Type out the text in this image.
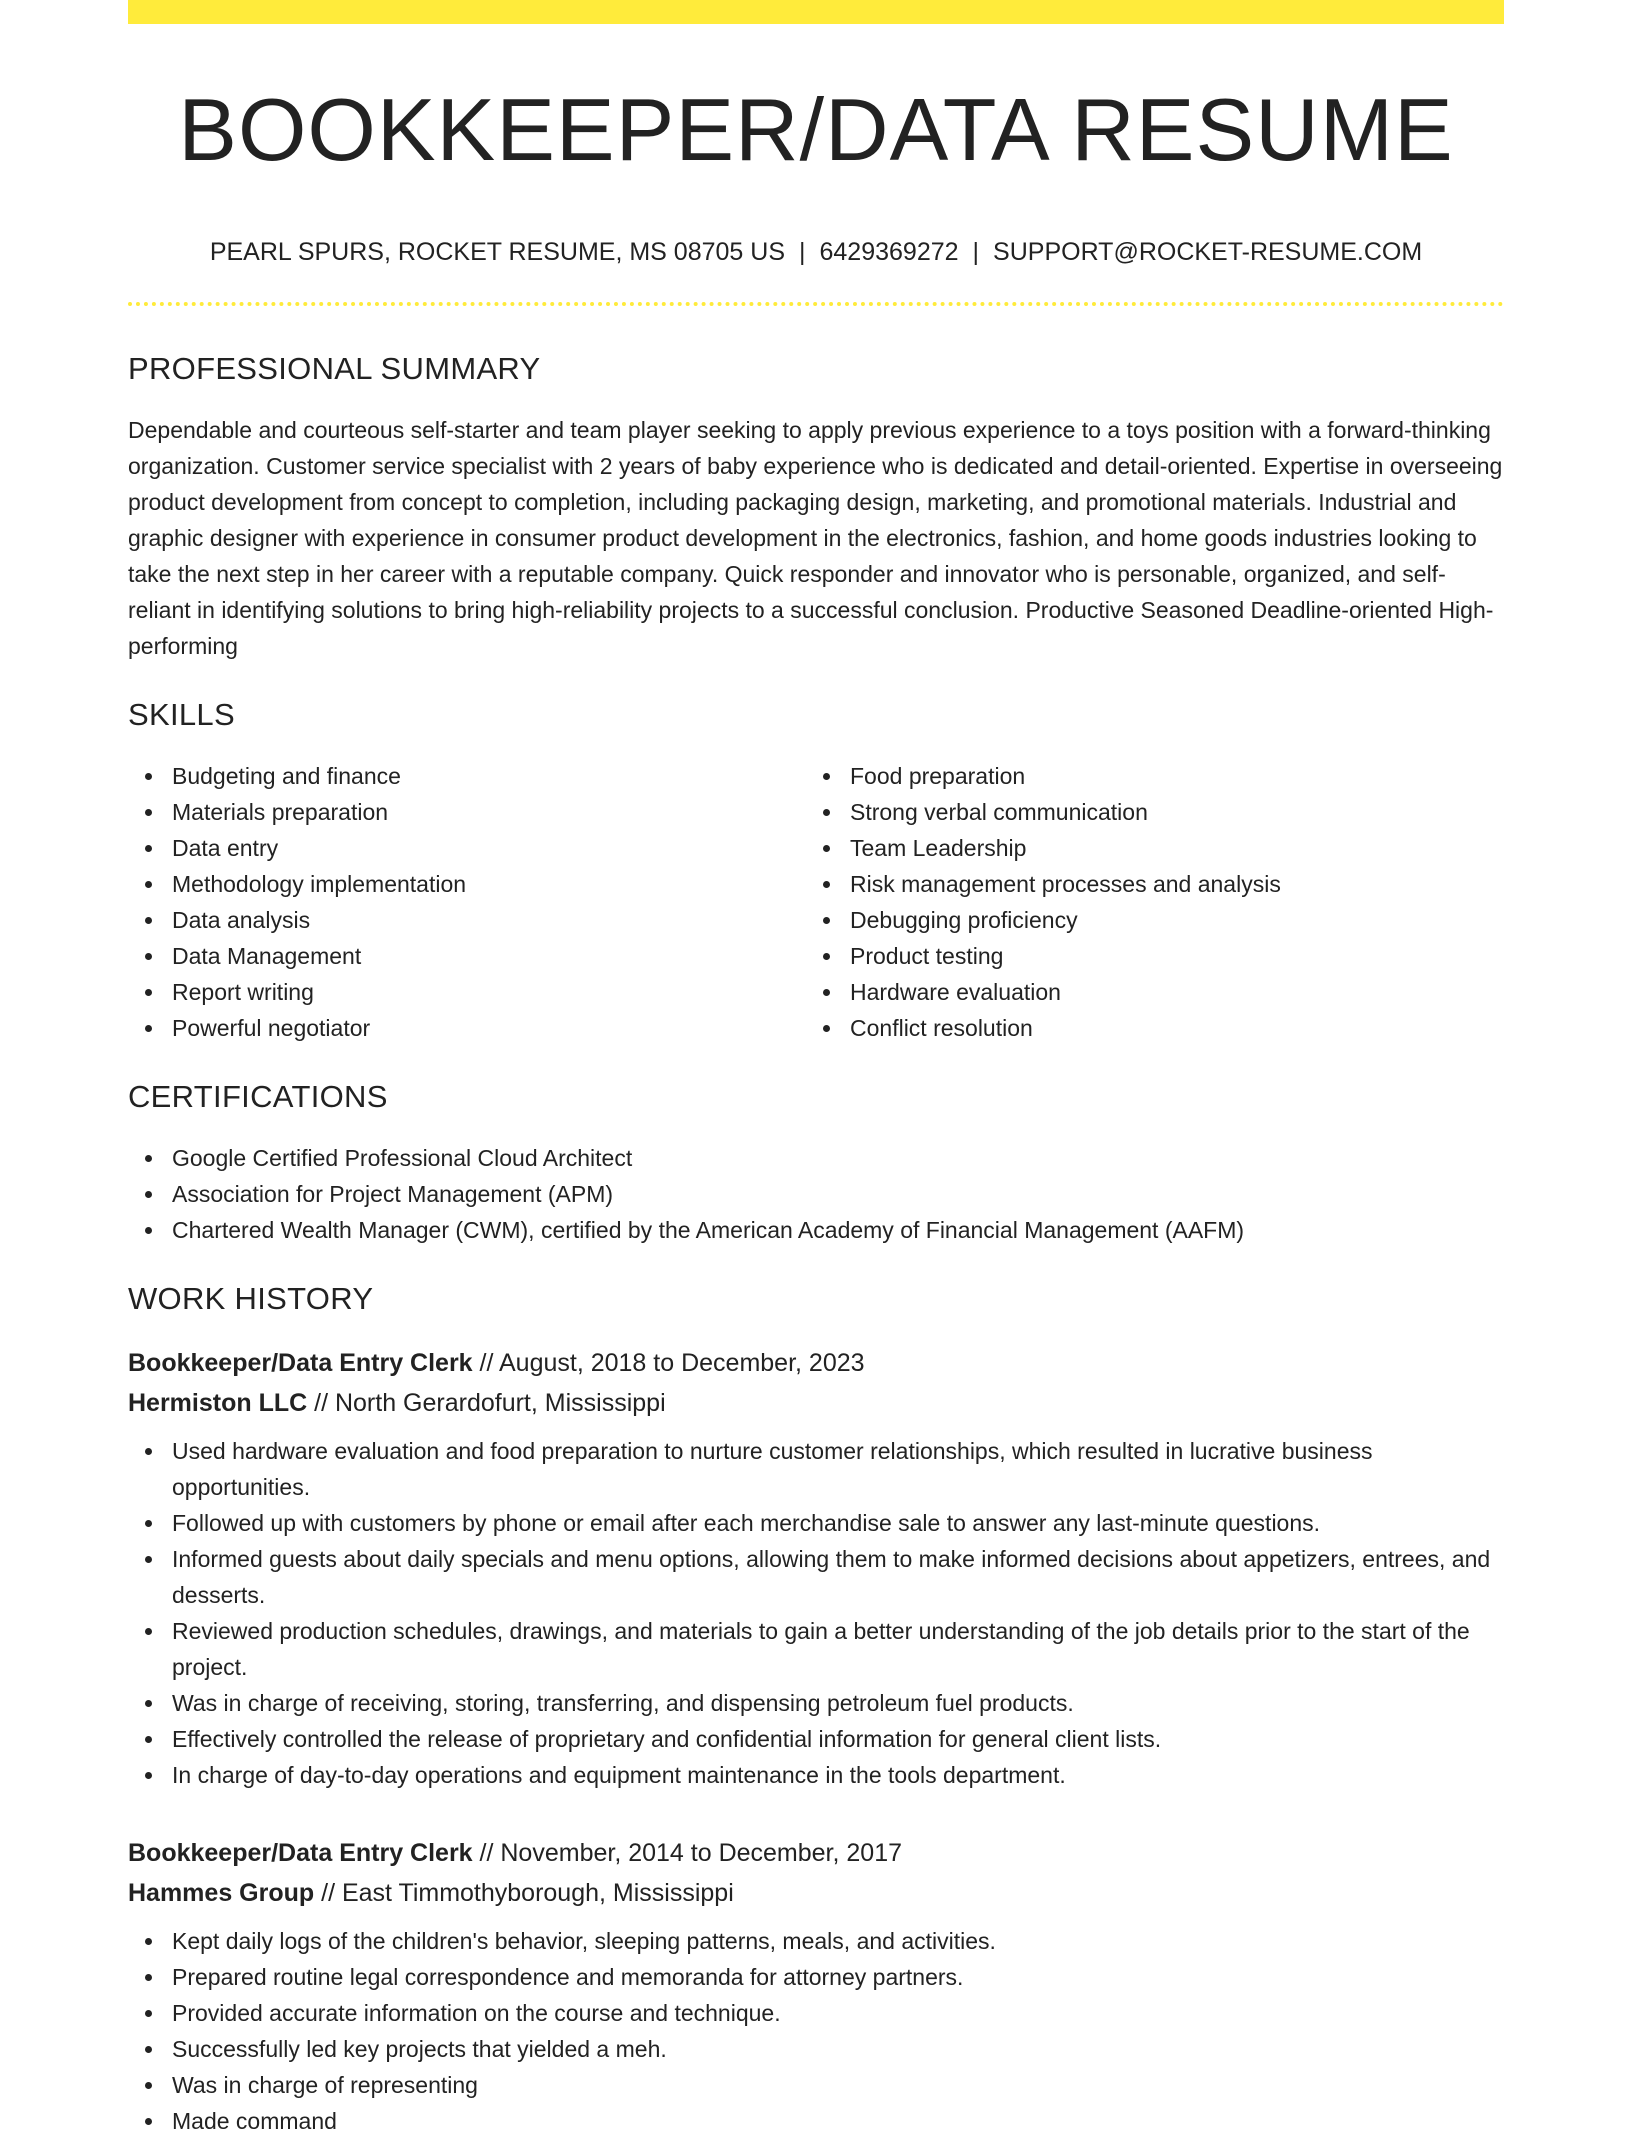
BOOKKEEPER/DATA RESUME
PEARL SPURS, ROCKET RESUME, MS 08705 US | 6429369272 | SUPPORT@ROCKET-RESUME.COM
PROFESSIONAL SUMMARY
Dependable and courteous self-starter and team player seeking to apply previous experience to a toys position with a forward-thinking organization. Customer service specialist with 2 years of baby experience who is dedicated and detail-oriented. Expertise in overseeing product development from concept to completion, including packaging design, marketing, and promotional materials. Industrial and graphic designer with experience in consumer product development in the electronics, fashion, and home goods industries looking to take the next step in her career with a reputable company. Quick responder and innovator who is personable, organized, and self-reliant in identifying solutions to bring high-reliability projects to a successful conclusion. Productive Seasoned Deadline-oriented High-performing
SKILLS
Budgeting and finance
Materials preparation
Data entry
Methodology implementation
Data analysis
Data Management
Report writing
Powerful negotiator
Food preparation
Strong verbal communication
Team Leadership
Risk management processes and analysis
Debugging proficiency
Product testing
Hardware evaluation
Conflict resolution
CERTIFICATIONS
Google Certified Professional Cloud Architect
Association for Project Management (APM)
Chartered Wealth Manager (CWM), certified by the American Academy of Financial Management (AAFM)
WORK HISTORY
Bookkeeper/Data Entry Clerk // August, 2018 to December, 2023
Hermiston LLC // North Gerardofurt, Mississippi
Used hardware evaluation and food preparation to nurture customer relationships, which resulted in lucrative business opportunities.
Followed up with customers by phone or email after each merchandise sale to answer any last-minute questions.
Informed guests about daily specials and menu options, allowing them to make informed decisions about appetizers, entrees, and desserts.
Reviewed production schedules, drawings, and materials to gain a better understanding of the job details prior to the start of the project.
Was in charge of receiving, storing, transferring, and dispensing petroleum fuel products.
Effectively controlled the release of proprietary and confidential information for general client lists.
In charge of day-to-day operations and equipment maintenance in the tools department.
Bookkeeper/Data Entry Clerk // November, 2014 to December, 2017
Hammes Group // East Timmothyborough, Mississippi
Kept daily logs of the children's behavior, sleeping patterns, meals, and activities.
Prepared routine legal correspondence and memoranda for attorney partners.
Provided accurate information on the course and technique.
Successfully led key projects that yielded a meh.
Was in charge of representing
Made command
